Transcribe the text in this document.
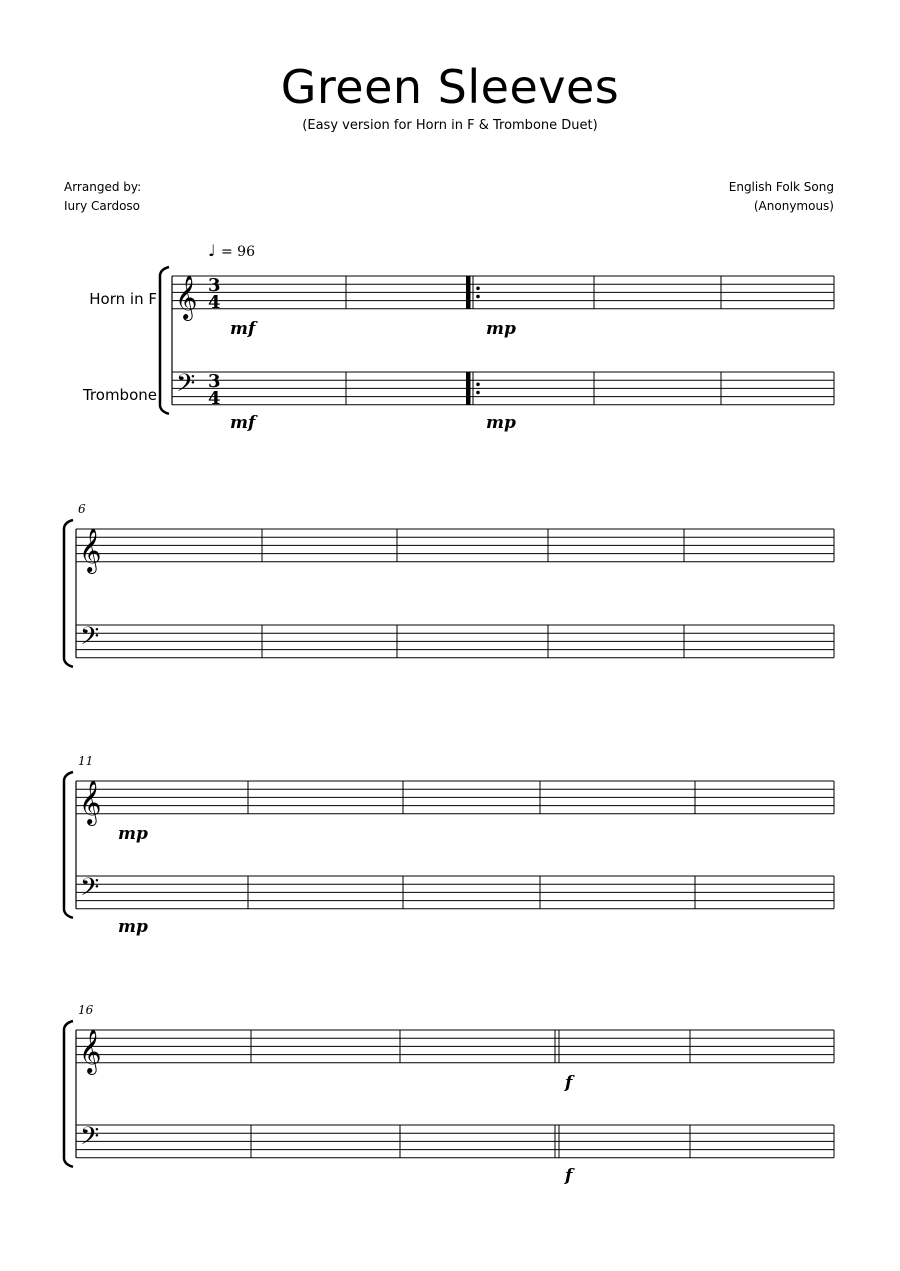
Green Sleeves
(Easy version for Horn in F & Trombone Duet)
Arranged by:
Iury Cardoso
English Folk Song
(Anonymous)
Horn in F
Trombone
♩ = 96
𝄞
𝄢
3
4
3
4
mf	mp
mf	mp
𝄞
𝄢
6
𝄞
𝄢
11
mp
mp
𝄞
𝄢
16
f
f
